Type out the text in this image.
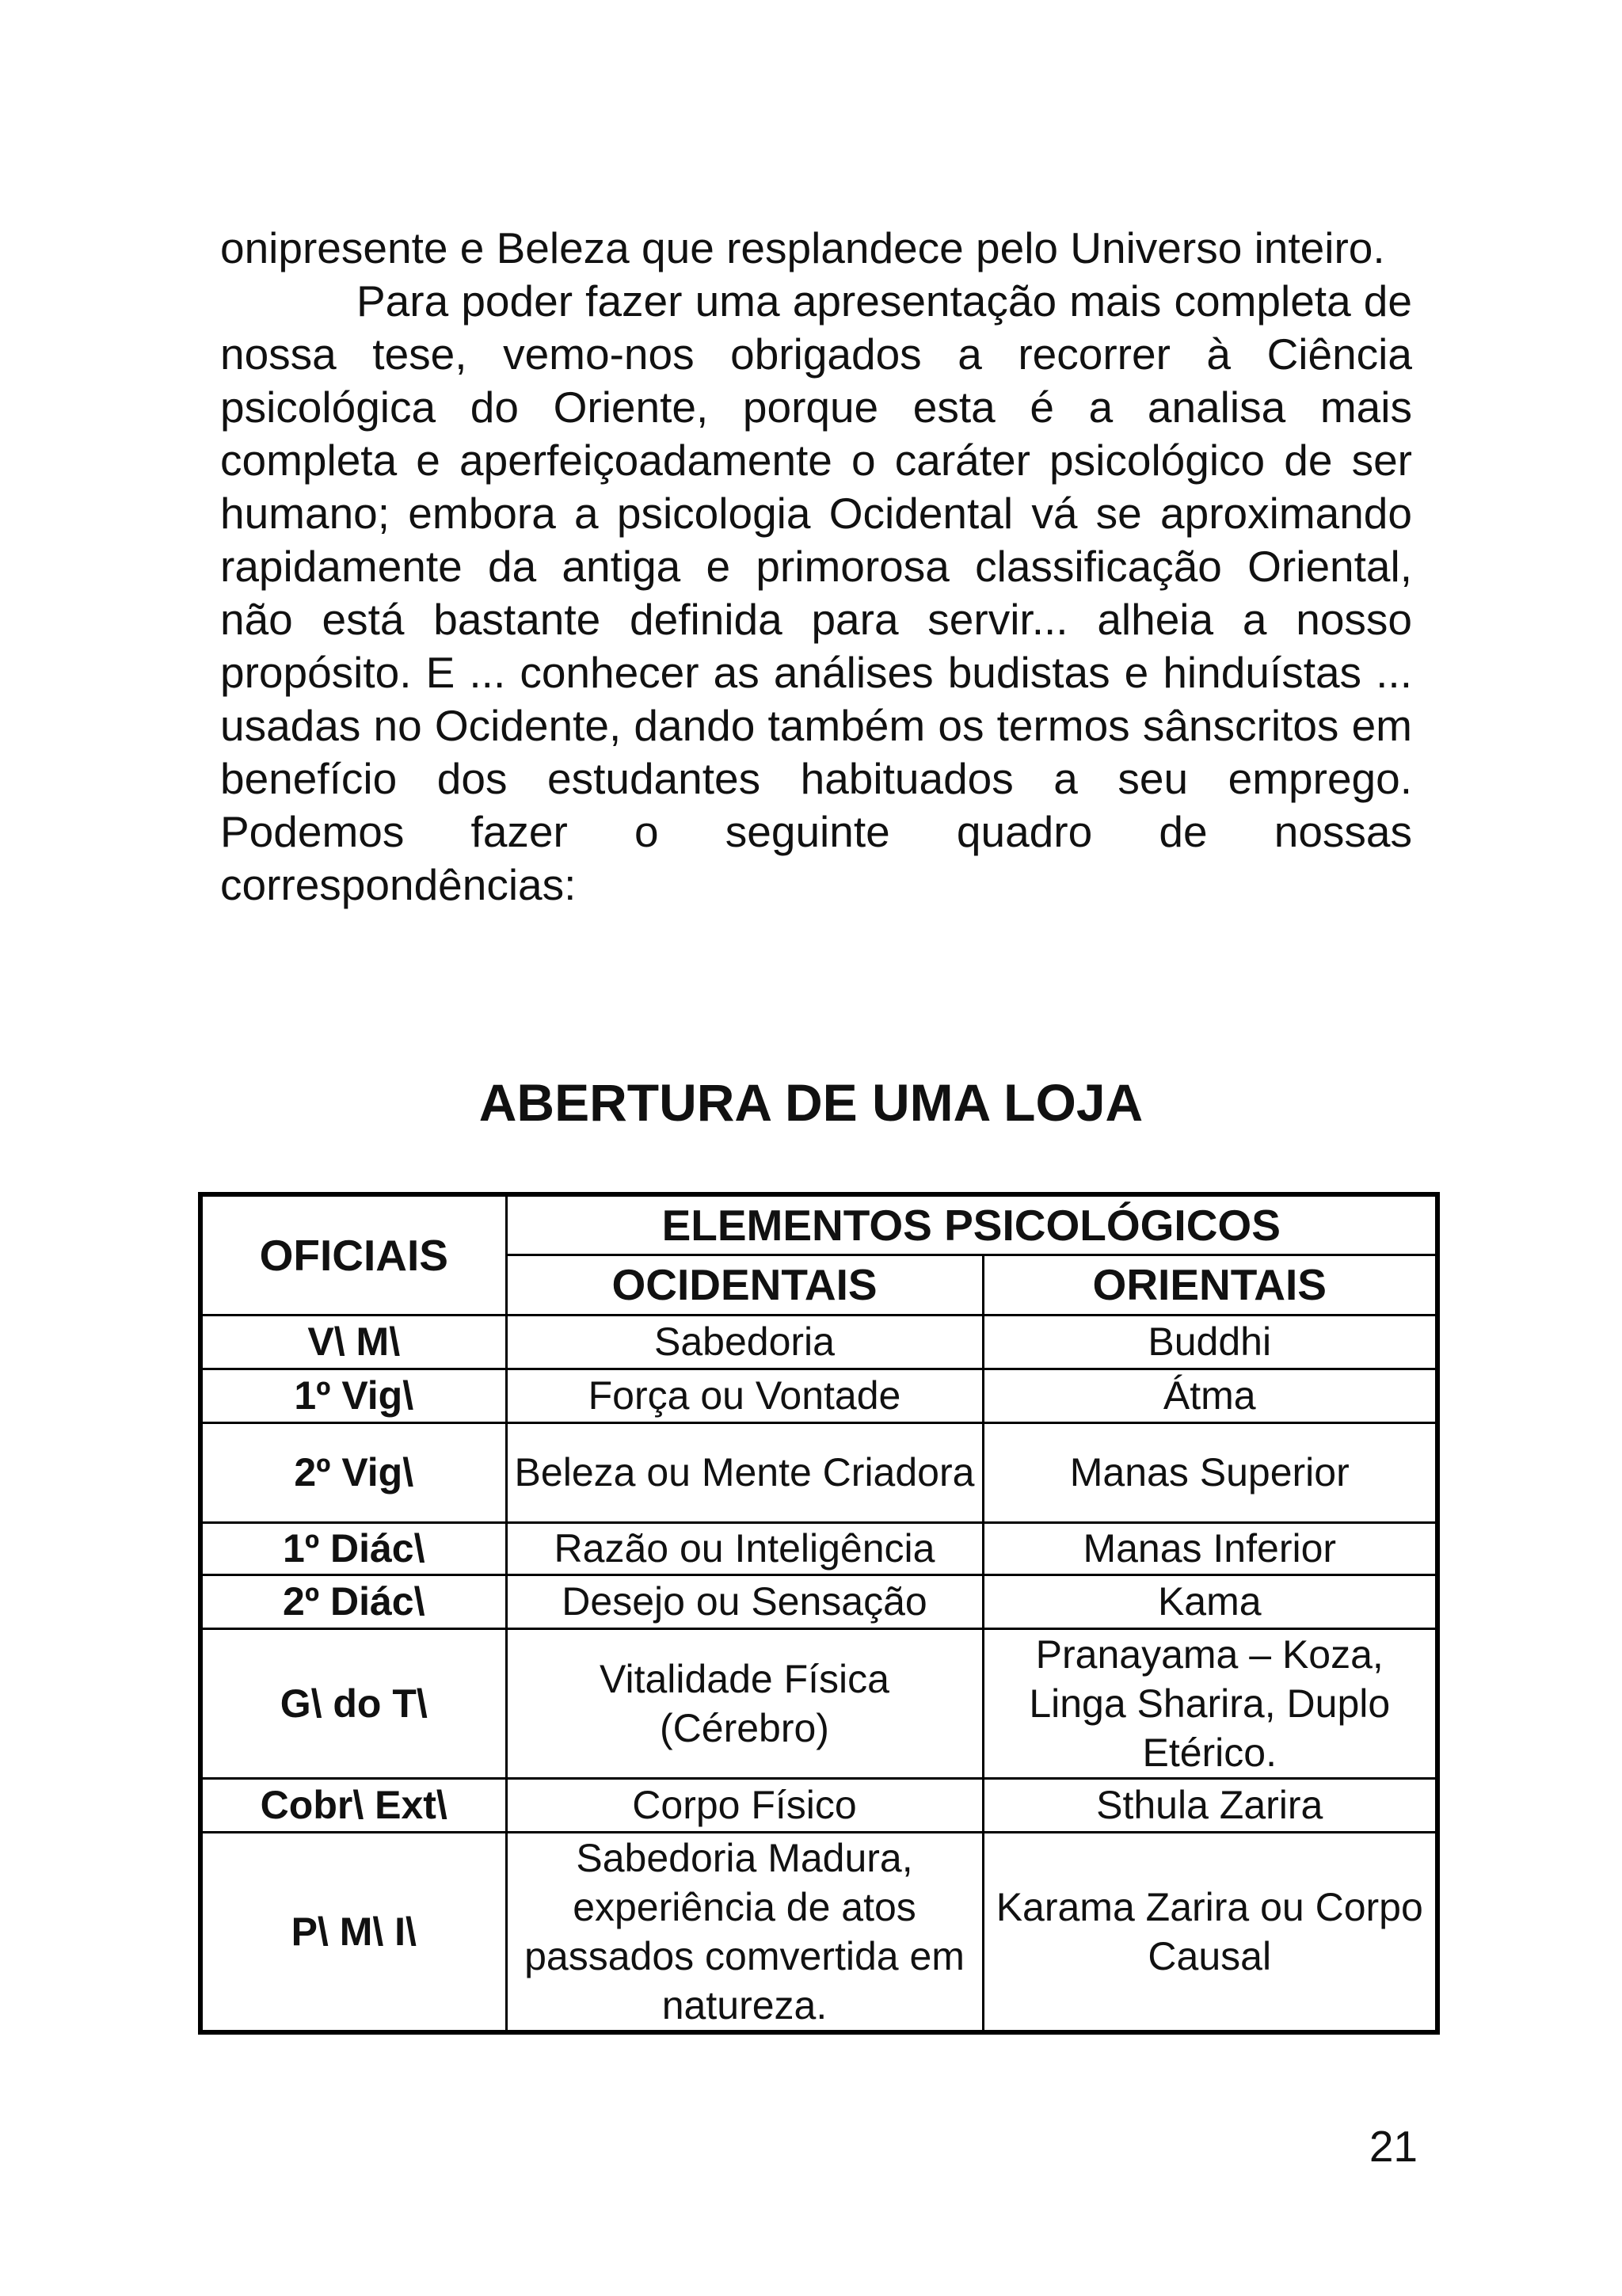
onipresente e Beleza que resplandece pelo Universo inteiro.

Para poder fazer uma apresentação mais completa de nossa tese, vemo-nos obrigados a recorrer à Ciência psicológica do Oriente, porque esta é a analisa mais completa e aperfeiçoadamente o caráter psicológico de ser humano; embora a psicologia Ocidental vá se aproximando rapidamente da antiga e primorosa classificação Oriental, não está bastante definida para servir... alheia a nosso propósito. E ... conhecer as análises budistas e hinduístas ... usadas no Ocidente, dando também os termos sânscritos em benefício dos estudantes habituados a seu emprego. Podemos fazer o seguinte quadro de nossas correspondências:

ABERTURA DE UMA LOJA
OFICIAIS	ELEMENTOS PSICOLÓGICOS	
	OCIDENTAIS	ORIENTAIS
V\ M\	Sabedoria	Buddhi
1º Vig\	Força ou Vontade	Átma
2º Vig\	Beleza ou Mente Criadora	Manas Superior
1º Diác\	Razão ou Inteligência	Manas Inferior
2º Diác\	Desejo ou Sensação	Kama
G\ do T\	Vitalidade Física (Cérebro)	Pranayama – Koza, Linga Sharira, Duplo Etérico.
Cobr\ Ext\	Corpo Físico	Sthula Zarira
P\ M\ I\	Sabedoria Madura, experiência de atos passados comvertida em natureza.	Karama Zarira ou Corpo Causal
21
